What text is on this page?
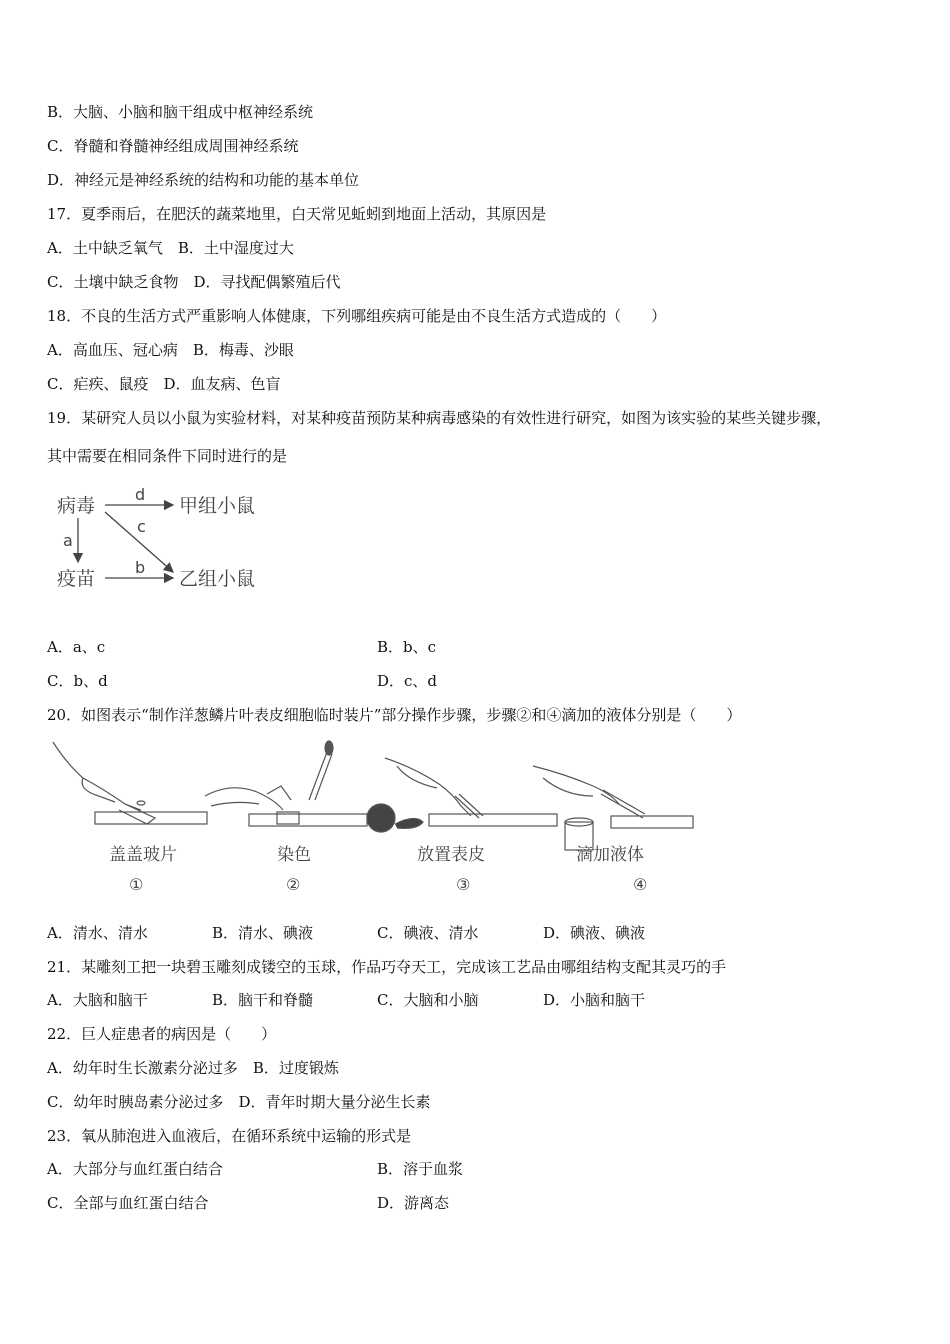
B．大脑、小脑和脑干组成中枢神经系统
C．脊髓和脊髓神经组成周围神经系统
D．神经元是神经系统的结构和功能的基本单位
17．夏季雨后，在肥沃的蔬菜地里，白天常见蚯蚓到地面上活动，其原因是
A．土中缺乏氧气　B．土中湿度过大
C．土壤中缺乏食物　D．寻找配偶繁殖后代
18．不良的生活方式严重影响人体健康，下列哪组疾病可能是由不良生活方式造成的（　　）
A．高血压、冠心病　B．梅毒、沙眼
C．疟疾、鼠疫　D．血友病、色盲
19．某研究人员以小鼠为实验材料，对某种疫苗预防某种病毒感染的有效性进行研究，如图为该实验的某些关键步骤，
其中需要在相同条件下同时进行的是
病毒
疫苗
甲组小鼠
乙组小鼠
d
a
c
b
A．a、c	B．b、c
C．b、d	D．c、d
20．如图表示“制作洋葱鳞片叶表皮细胞临时装片”部分操作步骤，步骤②和④滴加的液体分别是（　　）
盖盖玻片
①
染色
②
放置表皮
③
滴加液体
④
A．清水、清水	B．清水、碘液	C．碘液、清水	D．碘液、碘液
21．某雕刻工把一块碧玉雕刻成镂空的玉球，作品巧夺天工，完成该工艺品由哪组结构支配其灵巧的手
A．大脑和脑干	B．脑干和脊髓	C．大脑和小脑	D．小脑和脑干
22．巨人症患者的病因是（　　）
A．幼年时生长激素分泌过多　B．过度锻炼
C．幼年时胰岛素分泌过多　D．青年时期大量分泌生长素
23．氧从肺泡进入血液后，在循环系统中运输的形式是
A．大部分与血红蛋白结合	B．溶于血浆
C．全部与血红蛋白结合	D．游离态
